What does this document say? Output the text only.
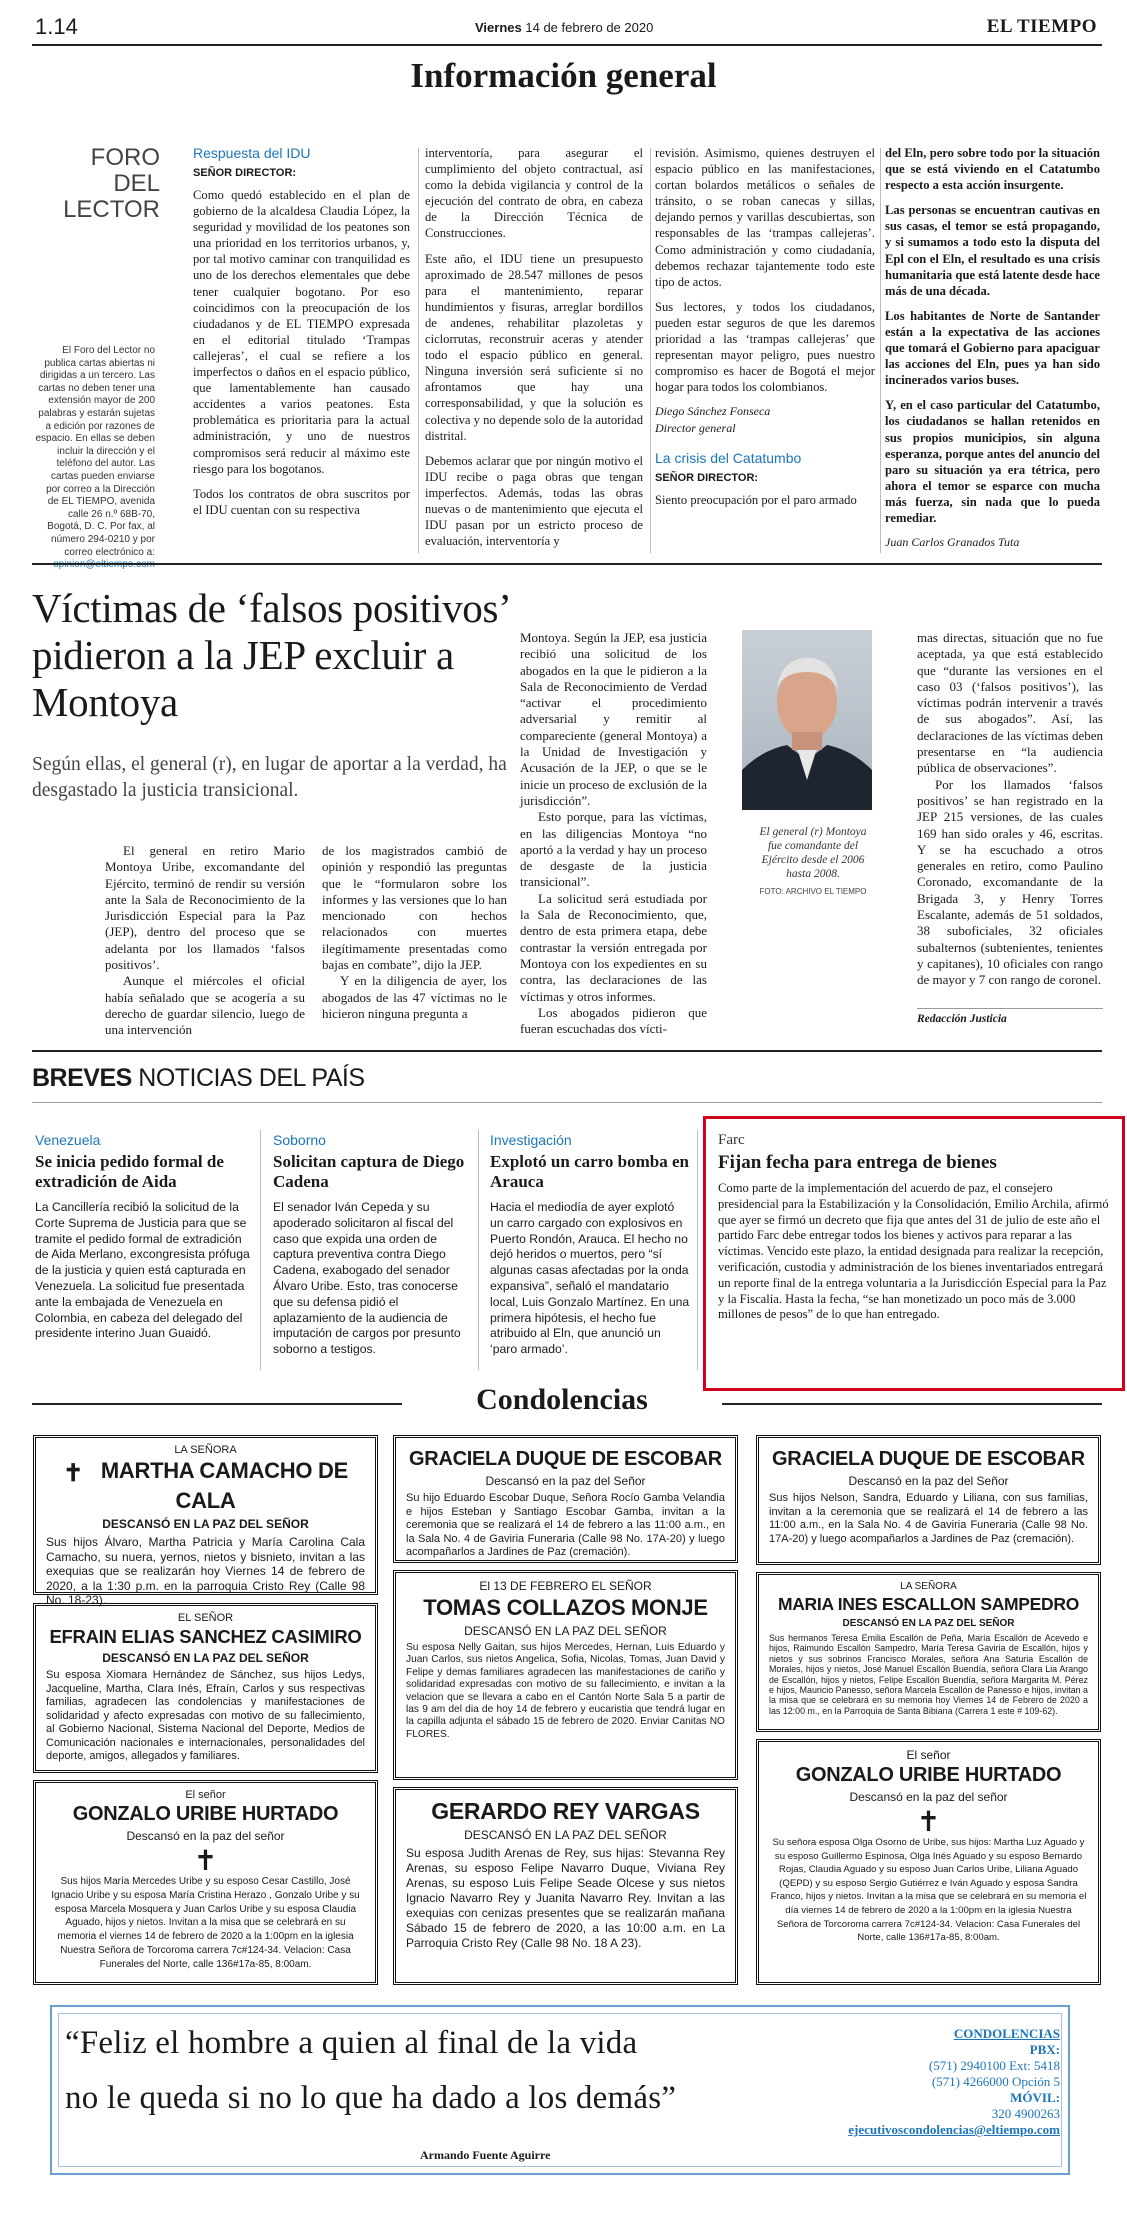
1.14	Viernes 14 de febrero de 2020	EL TIEMPO
Información general
FORO DEL LECTOR
El Foro del Lector no publica cartas abiertas ni dirigidas a un tercero. Las cartas no deben tener una extensión mayor de 200 palabras y estarán sujetas a edición por razones de espacio. En ellas se deben incluir la dirección y el teléfono del autor. Las cartas pueden enviarse por correo a la Dirección de EL TIEMPO, avenida calle 26 n.º 68B-70, Bogotá, D. C. Por fax, al número 294-0210 y por correo electrónico a:
Respuesta del IDU
SEÑOR DIRECTOR:

Como quedó establecido en el plan de gobierno de la alcaldesa Claudia López, la seguridad y movilidad de los peatones son una prioridad en los territorios urbanos, y, por tal motivo caminar con tranquilidad es uno de los derechos elementales que debe tener cualquier bogotano. Por eso coincidimos con la preocupación de los ciudadanos y de EL TIEMPO expresada en el editorial titulado ‘Trampas callejeras’, el cual se refiere a los imperfectos o daños en el espacio público, que lamentablemente han causado accidentes a varios peatones. Esta problemática es prioritaria para la actual administración, y uno de nuestros compromisos será reducir al máximo este riesgo para los bogotanos.

Todos los contratos de obra suscritos por el IDU cuentan con su respectiva

interventoría, para asegurar el cumplimiento del objeto contractual, así como la debida vigilancia y control de la ejecución del contrato de obra, en cabeza de la Dirección Técnica de Construcciones.

Este año, el IDU tiene un presupuesto aproximado de 28.547 millones de pesos para el mantenimiento, reparar hundimientos y fisuras, arreglar bordillos de andenes, rehabilitar plazoletas y ciclorrutas, reconstruir aceras y atender todo el espacio público en general. Ninguna inversión será suficiente si no afrontamos que hay una corresponsabilidad, y que la solución es colectiva y no depende solo de la autoridad distrital.

Debemos aclarar que por ningún motivo el IDU recibe o paga obras que tengan imperfectos. Además, todas las obras nuevas o de mantenimiento que ejecuta el IDU pasan por un estricto proceso de evaluación, interventoría y

revisión. Asimismo, quienes destruyen el espacio público en las manifestaciones, cortan bolardos metálicos o señales de tránsito, o se roban canecas y sillas, dejando pernos y varillas descubiertas, son responsables de las ‘trampas callejeras’. Como administración y como ciudadanía, debemos rechazar tajantemente todo este tipo de actos.

Sus lectores, y todos los ciudadanos, pueden estar seguros de que les daremos prioridad a las ‘trampas callejeras’ que representan mayor peligro, pues nuestro compromiso es hacer de Bogotá el mejor hogar para todos los colombianos.

Diego Sánchez Fonseca
Director general
La crisis del Catatumbo
SEÑOR DIRECTOR:

Siento preocupación por el paro armado

del Eln, pero sobre todo por la situación que se está viviendo en el Catatumbo respecto a esta acción insurgente.

Las personas se encuentran cautivas en sus casas, el temor se está propagando, y si sumamos a todo esto la disputa del Epl con el Eln, el resultado es una crisis humanitaria que está latente desde hace más de una década.

Los habitantes de Norte de Santander están a la expectativa de las acciones que tomará el Gobierno para apaciguar las acciones del Eln, pues ya han sido incinerados varios buses.

Y, en el caso particular del Catatumbo, los ciudadanos se hallan retenidos en sus propios municipios, sin alguna esperanza, porque antes del anuncio del paro su situación ya era tétrica, pero ahora el temor se esparce con mucha más fuerza, sin nada que lo pueda remediar.

Juan Carlos Granados Tuta
Víctimas de ‘falsos positivos’ pidieron a la JEP excluir a Montoya
Según ellas, el general (r), en lugar de aportar a la verdad, ha desgastado la justicia transicional.

El general en retiro Mario Montoya Uribe, excomandante del Ejército, terminó de rendir su versión ante la Sala de Reconocimiento de la Jurisdicción Especial para la Paz (JEP), dentro del proceso que se adelanta por los llamados ‘falsos positivos’.

Aunque el miércoles el oficial había señalado que se acogería a su derecho de guardar silencio, luego de una intervención

de los magistrados cambió de opinión y respondió las preguntas que le “formularon sobre los informes y las versiones que lo han mencionado con hechos relacionados con muertes ilegítimamente presentadas como bajas en combate”, dijo la JEP.

Y en la diligencia de ayer, los abogados de las 47 víctimas no le hicieron ninguna pregunta a

Montoya. Según la JEP, esa justicia recibió una solicitud de los abogados en la que le pidieron a la Sala de Reconocimiento de Verdad “activar el procedimiento adversarial y remitir al compareciente (general Montoya) a la Unidad de Investigación y Acusación de la JEP, o que se le inicie un proceso de exclusión de la jurisdicción”.

Esto porque, para las víctimas, en las diligencias Montoya “no aportó a la verdad y hay un proceso de desgaste de la justicia transicional”.

La solicitud será estudiada por la Sala de Reconocimiento, que, dentro de esta primera etapa, debe contrastar la versión entregada por Montoya con los expedientes en su contra, las declaraciones de las víctimas y otros informes.

Los abogados pidieron que fueran escuchadas dos vícti-

El general (r) Montoya fue comandante del Ejército desde el 2006 hasta 2008.
FOTO: ARCHIVO EL TIEMPO

mas directas, situación que no fue aceptada, ya que está establecido que “durante las versiones en el caso 03 (‘falsos positivos’), las víctimas podrán intervenir a través de sus abogados”. Así, las declaraciones de las víctimas deben presentarse en “la audiencia pública de observaciones”.

Por los llamados ‘falsos positivos’ se han registrado en la JEP 215 versiones, de las cuales 169 han sido orales y 46, escritas. Y se ha escuchado a otros generales en retiro, como Paulino Coronado, excomandante de la Brigada 3, y Henry Torres Escalante, además de 51 soldados, 38 suboficiales, 32 oficiales subalternos (subtenientes, tenientes y capitanes), 10 oficiales con rango de mayor y 7 con rango de coronel.

Redacción Justicia
BREVES NOTICIAS DEL PAÍS
Venezuela
Se inicia pedido formal de extradición de Aida

La Cancillería recibió la solicitud de la Corte Suprema de Justicia para que se tramite el pedido formal de extradición de Aida Merlano, excongresista prófuga de la justicia y quien está capturada en Venezuela. La solicitud fue presentada ante la embajada de Venezuela en Colombia, en cabeza del delegado del presidente interino Juan Guaidó.

Soborno
Solicitan captura de Diego Cadena

El senador Iván Cepeda y su apoderado solicitaron al fiscal del caso que expida una orden de captura preventiva contra Diego Cadena, exabogado del senador Álvaro Uribe. Esto, tras conocerse que su defensa pidió el aplazamiento de la audiencia de imputación de cargos por presunto soborno a testigos.

Investigación
Explotó un carro bomba en Arauca

Hacia el mediodía de ayer explotó un carro cargado con explosivos en Puerto Rondón, Arauca. El hecho no dejó heridos o muertos, pero “sí algunas casas afectadas por la onda expansiva”, señaló el mandatario local, Luis Gonzalo Martínez. En una primera hipótesis, el hecho fue atribuido al Eln, que anunció un ‘paro armado’.

Farc
Fijan fecha para entrega de bienes

Como parte de la implementación del acuerdo de paz, el consejero presidencial para la Estabilización y la Consolidación, Emilio Archila, afirmó que ayer se firmó un decreto que fija que antes del 31 de julio de este año el partido Farc debe entregar todos los bienes y activos para reparar a las víctimas. Vencido este plazo, la entidad designada para realizar la recepción, verificación, custodia y administración de los bienes inventariados entregará un reporte final de la entrega voluntaria a la Jurisdicción Especial para la Paz y la Fiscalía. Hasta la fecha, “se han monetizado un poco más de 3.000 millones de pesos” de lo que han entregado.

Condolencias
LA SEÑORA
✝ MARTHA CAMACHO DE CALA
DESCANSÓ EN LA PAZ DEL SEÑOR
Sus hijos Álvaro, Martha Patricia y María Carolina Cala Camacho, su nuera, yernos, nietos y bisnieto, invitan a las exequias que se realizarán hoy Viernes 14 de febrero de 2020, a la 1:30 p.m. en la parroquia Cristo Rey (Calle 98 No. 18-23).
EL SEÑOR
EFRAIN ELIAS SANCHEZ CASIMIRO
DESCANSÓ EN LA PAZ DEL SEÑOR
Su esposa Xiomara Hernández de Sánchez, sus hijos Ledys, Jacqueline, Martha, Clara Inés, Efraín, Carlos y sus respectivas familias, agradecen las condolencias y manifestaciones de solidaridad y afecto expresadas con motivo de su fallecimiento, al Gobierno Nacional, Sistema Nacional del Deporte, Medios de Comunicación nacionales e internacionales, personalidades del deporte, amigos, allegados y familiares.
El señor
GONZALO URIBE HURTADO
Descansó en la paz del señor
✝
Sus hijos María Mercedes Uribe y su esposo Cesar Castillo, José Ignacio Uribe y su esposa María Cristina Herazo , Gonzalo Uribe y su esposa Marcela Mosquera y Juan Carlos Uribe y su esposa Claudia Aguado, hijos y nietos. Invitan a la misa que se celebrará en su memoria el viernes 14 de febrero de 2020 a la 1:00pm en la iglesia Nuestra Señora de Torcoroma carrera 7c#124-34. Velacion: Casa Funerales del Norte, calle 136#17a-85, 8:00am.
GRACIELA DUQUE DE ESCOBAR
Descansó en la paz del Señor
Su hijo Eduardo Escobar Duque, Señora Rocío Gamba Velandia e hijos Esteban y Santiago Escobar Gamba, invitan a la ceremonia que se realizará el 14 de febrero a las 11:00 a.m., en la Sala No. 4 de Gaviria Funeraria (Calle 98 No. 17A-20) y luego acompañarlos a Jardines de Paz (cremación).
El 13 DE FEBRERO EL SEÑOR
TOMAS COLLAZOS MONJE
DESCANSÓ EN LA PAZ DEL SEÑOR
Su esposa Nelly Gaitan, sus hijos Mercedes, Hernan, Luis Eduardo y Juan Carlos, sus nietos Angelica, Sofia, Nicolas, Tomas, Juan David y Felipe y demas familiares agradecen las manifestaciones de cariño y solidaridad expresadas con motivo de su fallecimiento, e invitan a la velacion que se llevara a cabo en el Cantón Norte Sala 5 a partir de las 9 am del dia de hoy 14 de febrero y eucaristia que tendrá lugar en la capilla adjunta el sábado 15 de febrero de 2020. Enviar Canitas NO FLORES.
GERARDO REY VARGAS
DESCANSÓ EN LA PAZ DEL SEÑOR
Su esposa Judith Arenas de Rey, sus hijas: Stevanna Rey Arenas, su esposo Felipe Navarro Duque, Viviana Rey Arenas, su esposo Luis Felipe Seade Olcese y sus nietos Ignacio Navarro Rey y Juanita Navarro Rey. Invitan a las exequias con cenizas presentes que se realizarán mañana Sábado 15 de febrero de 2020, a las 10:00 a.m. en La Parroquia Cristo Rey (Calle 98 No. 18 A 23).
GRACIELA DUQUE DE ESCOBAR
Descansó en la paz del Señor
Sus hijos Nelson, Sandra, Eduardo y Liliana, con sus familias, invitan a la ceremonia que se realizará el 14 de febrero a las 11:00 a.m., en la Sala No. 4 de Gaviria Funeraria (Calle 98 No. 17A-20) y luego acompañarlos a Jardines de Paz (cremación).
LA SEÑORA
MARIA INES ESCALLON SAMPEDRO
DESCANSÓ EN LA PAZ DEL SEÑOR
Sus hermanos Teresa Emilia Escallón de Peña, María Escallón de Acevedo e hijos, Raimundo Escallón Sampedro, María Teresa Gaviria de Escallón, hijos y nietos y sus sobrinos Francisco Morales, señora Ana Saturia Escallón de Morales, hijos y nietos, José Manuel Escallón Buendía, señora Clara Lia Arango de Escallón, hijos y nietos, Felipe Escallón Buendía, señora Margarita M. Pérez e hijos, Mauricio Panesso, señora Marcela Escallón de Panesso e hijos, invitan a la misa que se celebrará en su memoria hoy Viernes 14 de Febrero de 2020 a las 12:00 m., en la Parroquia de Santa Bibiana (Carrera 1 este # 109-62).
El señor
GONZALO URIBE HURTADO
Descansó en la paz del señor
✝
Su señora esposa Olga Osorno de Uribe, sus hijos: Martha Luz Aguado y su esposo Guillermo Espinosa, Olga Inés Aguado y su esposo Bernardo Rojas, Claudia Aguado y su esposo Juan Carlos Uribe, Liliana Aguado (QEPD) y su esposo Sergio Gutiérrez e Iván Aguado y esposa Sandra Franco, hijos y nietos. Invitan a la misa que se celebrará en su memoria el día viernes 14 de febrero de 2020 a la 1:00pm en la iglesia Nuestra Señora de Torcoroma carrera 7c#124-34. Velacion: Casa Funerales del Norte, calle 136#17a-85, 8:00am.
“Feliz el hombre a quien al final de la vida
no le queda si no lo que ha dado a los demás”
Armando Fuente Aguirre
CONDOLENCIAS
PBX:
(571) 2940100 Ext: 5418
(571) 4266000 Opción 5
MÓVIL:
320 4900263
ejecutivoscondolencias@eltiempo.com
